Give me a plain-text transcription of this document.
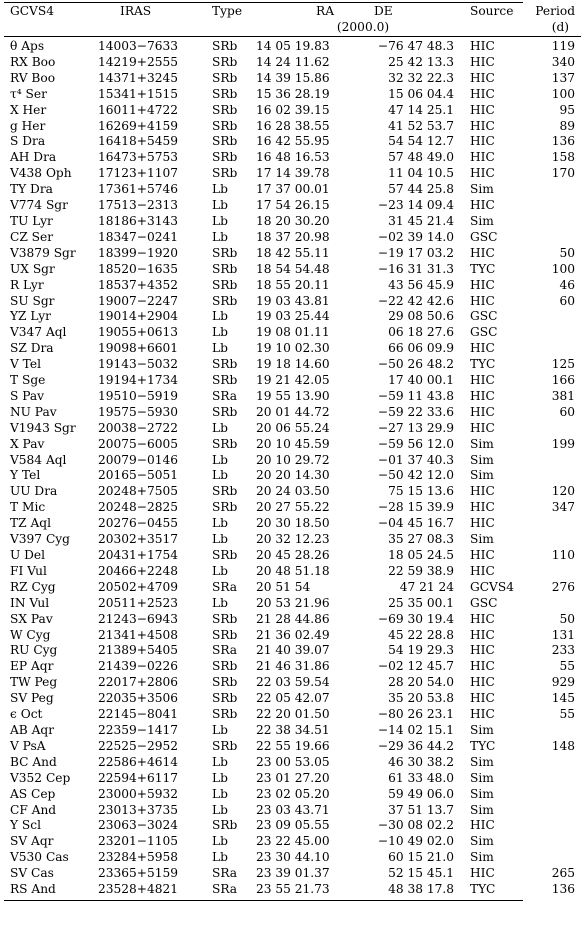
GCVS4	IRAS	Type	RA	DE	Source	Period
			(2000.0)			(d)

θ Aps	14003−7633	SRb	14 05 19.83	−76 47 48.3	HIC	119
RX Boo	14219+2555	SRb	14 24 11.62	25 42 13.3	HIC	340
RV Boo	14371+3245	SRb	14 39 15.86	32 32 22.3	HIC	137
τ⁴ Ser	15341+1515	SRb	15 36 28.19	15 06 04.4	HIC	100
X Her	16011+4722	SRb	16 02 39.15	47 14 25.1	HIC	95
g Her	16269+4159	SRb	16 28 38.55	41 52 53.7	HIC	89
S Dra	16418+5459	SRb	16 42 55.95	54 54 12.7	HIC	136
AH Dra	16473+5753	SRb	16 48 16.53	57 48 49.0	HIC	158
V438 Oph	17123+1107	SRb	17 14 39.78	11 04 10.5	HIC	170
TY Dra	17361+5746	Lb	17 37 00.01	57 44 25.8	Sim	
V774 Sgr	17513−2313	Lb	17 54 26.15	−23 14 09.4	HIC	
TU Lyr	18186+3143	Lb	18 20 30.20	31 45 21.4	Sim	
CZ Ser	18347−0241	Lb	18 37 20.98	−02 39 14.0	GSC	
V3879 Sgr	18399−1920	SRb	18 42 55.11	−19 17 03.2	HIC	50
UX Sgr	18520−1635	SRb	18 54 54.48	−16 31 31.3	TYC	100
R Lyr	18537+4352	SRb	18 55 20.11	43 56 45.9	HIC	46
SU Sgr	19007−2247	SRb	19 03 43.81	−22 42 42.6	HIC	60
YZ Lyr	19014+2904	Lb	19 03 25.44	29 08 50.6	GSC	
V347 Aql	19055+0613	Lb	19 08 01.11	06 18 27.6	GSC	
SZ Dra	19098+6601	Lb	19 10 02.30	66 06 09.9	HIC	
V Tel	19143−5032	SRb	19 18 14.60	−50 26 48.2	TYC	125
T Sge	19194+1734	SRb	19 21 42.05	17 40 00.1	HIC	166
S Pav	19510−5919	SRa	19 55 13.90	−59 11 43.8	HIC	381
NU Pav	19575−5930	SRb	20 01 44.72	−59 22 33.6	HIC	60
V1943 Sgr	20038−2722	Lb	20 06 55.24	−27 13 29.9	HIC	
X Pav	20075−6005	SRb	20 10 45.59	−59 56 12.0	Sim	199
V584 Aql	20079−0146	Lb	20 10 29.72	−01 37 40.3	Sim	
Y Tel	20165−5051	Lb	20 20 14.30	−50 42 12.0	Sim	
UU Dra	20248+7505	SRb	20 24 03.50	75 15 13.6	HIC	120
T Mic	20248−2825	SRb	20 27 55.22	−28 15 39.9	HIC	347
TZ Aql	20276−0455	Lb	20 30 18.50	−04 45 16.7	HIC	
V397 Cyg	20302+3517	Lb	20 32 12.23	35 27 08.3	Sim	
U Del	20431+1754	SRb	20 45 28.26	18 05 24.5	HIC	110
FI Vul	20466+2248	Lb	20 48 51.18	22 59 38.9	HIC	
RZ Cyg	20502+4709	SRa	20 51 54	47 21 24	GCVS4	276
IN Vul	20511+2523	Lb	20 53 21.96	25 35 00.1	GSC	
SX Pav	21243−6943	SRb	21 28 44.86	−69 30 19.4	HIC	50
W Cyg	21341+4508	SRb	21 36 02.49	45 22 28.8	HIC	131
RU Cyg	21389+5405	SRa	21 40 39.07	54 19 29.3	HIC	233
EP Aqr	21439−0226	SRb	21 46 31.86	−02 12 45.7	HIC	55
TW Peg	22017+2806	SRb	22 03 59.54	28 20 54.0	HIC	929
SV Peg	22035+3506	SRb	22 05 42.07	35 20 53.8	HIC	145
ϵ Oct	22145−8041	SRb	22 20 01.50	−80 26 23.1	HIC	55
AB Aqr	22359−1417	Lb	22 38 34.51	−14 02 15.1	Sim	
V PsA	22525−2952	SRb	22 55 19.66	−29 36 44.2	TYC	148
BC And	22586+4614	Lb	23 00 53.05	46 30 38.2	Sim	
V352 Cep	22594+6117	Lb	23 01 27.20	61 33 48.0	Sim	
AS Cep	23000+5932	Lb	23 02 05.20	59 49 06.0	Sim	
CF And	23013+3735	Lb	23 03 43.71	37 51 13.7	Sim	
Y Scl	23063−3024	SRb	23 09 05.55	−30 08 02.2	HIC	
SV Aqr	23201−1105	Lb	23 22 45.00	−10 49 02.0	Sim	
V530 Cas	23284+5958	Lb	23 30 44.10	60 15 21.0	Sim	
SV Cas	23365+5159	SRa	23 39 01.37	52 15 45.1	HIC	265
RS And	23528+4821	SRa	23 55 21.73	48 38 17.8	TYC	136
